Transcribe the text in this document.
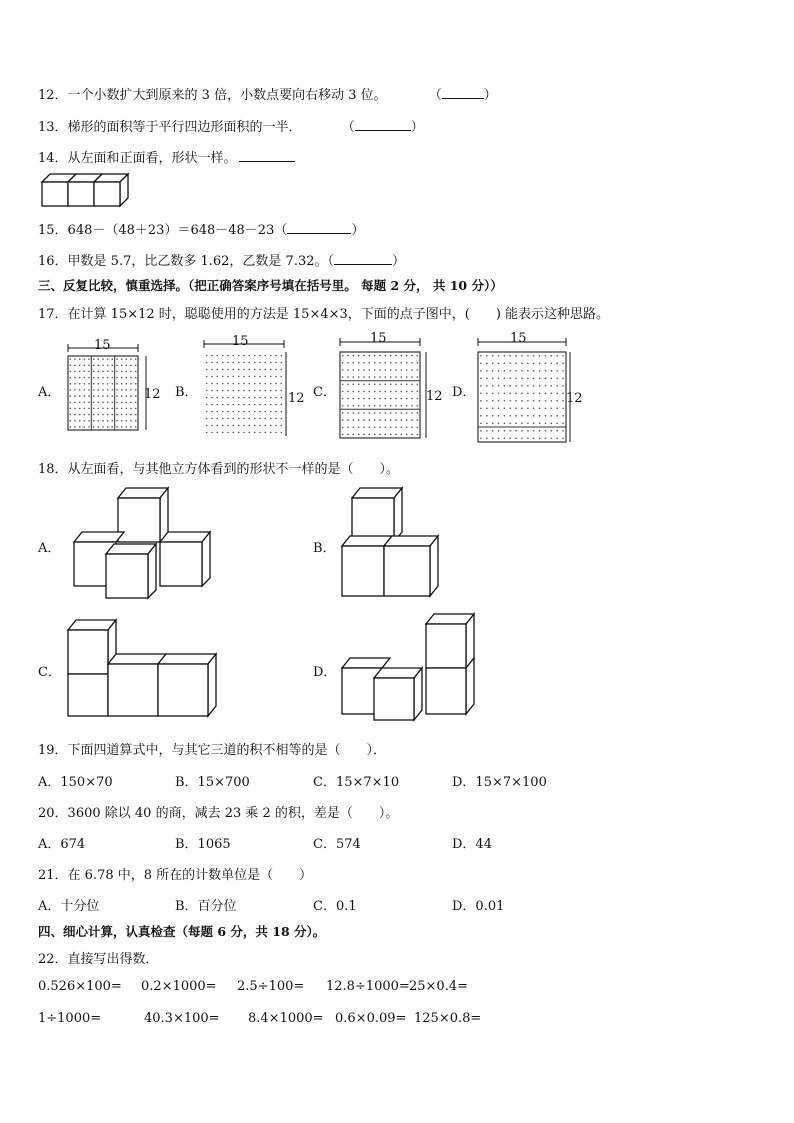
12．一个小数扩大到原来的 3 倍，小数点要向右移动 3 位。	（	）
13．梯形的面积等于平行四边形面积的一半．	（	）
14．从左面和正面看，形状一样。
15．648－（48＋23）＝648－48－23（	）
16．甲数是 5.7，比乙数多 1.62，乙数是 7.32。（	）
三、反复比较，慎重选择。（把正确答案序号填在括号里。 每题 2 分， 共 10 分））
17．在计算 15×12 时，聪聪使用的方法是 15×4×3，下面的点子图中，(　　) 能表示这种思路。
A．
15
12 B．
15
12 C．
15
12 D．
15
12
18．从左面看，与其他立方体看到的形状不一样的是（　　）。
A．	B．
C．	D．
19．下面四道算式中，与其它三道的积不相等的是（　　）．
A．150×70	B．15×700	C．15×7×10	D．15×7×100
20．3600 除以 40 的商，减去 23 乘 2 的积，差是（　　）。
A．674	B．1065	C．574	D．44
21．在 6.78 中，8 所在的计数单位是（　　）
A．十分位	B．百分位	C．0.1	D．0.01
四、细心计算，认真检查（每题 6 分，共 18 分）。
22．直接写出得数．
0.526×100= 0.2×1000= 2.5÷100= 12.8÷1000= 25×0.4=
1÷1000=	40.3×100= 8.4×1000= 0.6×0.09= 125×0.8=
